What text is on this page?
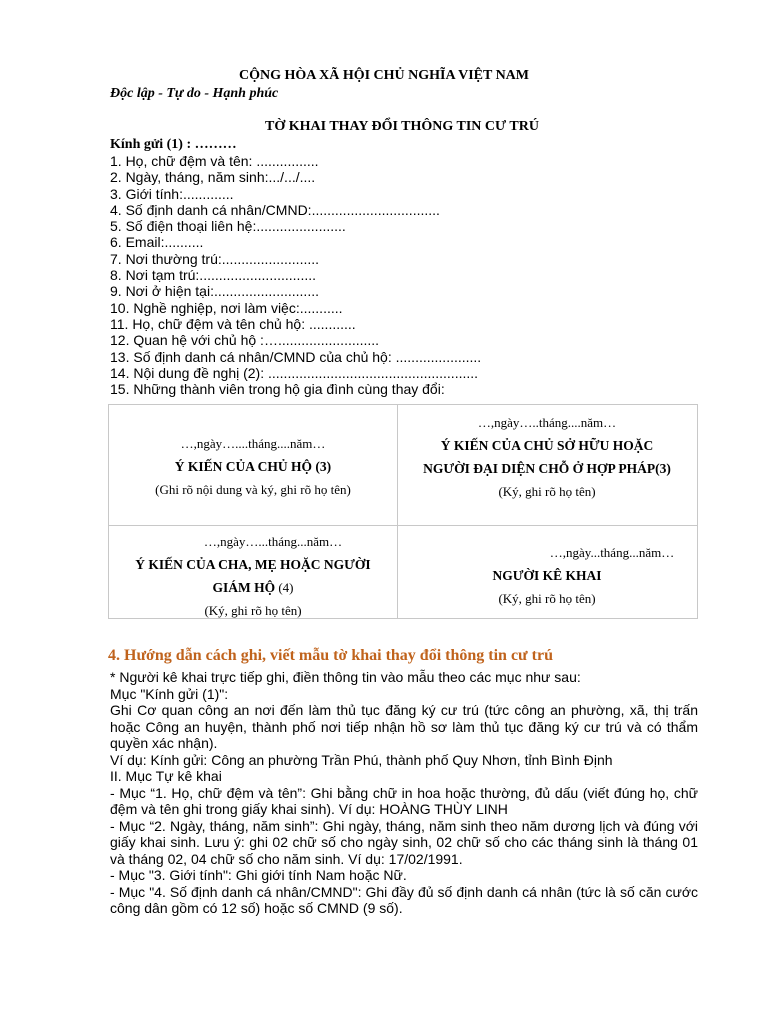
CỘNG HÒA XÃ HỘI CHỦ NGHĨA VIỆT NAM
Độc lập - Tự do - Hạnh phúc
TỜ KHAI THAY ĐỔI THÔNG TIN CƯ TRÚ
Kính gửi (1) : ………
1. Họ, chữ đệm và tên: ................
2. Ngày, tháng, năm sinh:.../.../....
3. Giới tính:.............
4. Số định danh cá nhân/CMND:.................................
5. Số điện thoại liên hệ:.......................
6. Email:..........
7. Nơi thường trú:.........................
8. Nơi tạm trú:..............................
9. Nơi ở hiện tại:...........................
10. Nghề nghiệp, nơi làm việc:...........
11. Họ, chữ đệm và tên chủ hộ: ............
12. Quan hệ với chủ hộ :…..........................
13. Số định danh cá nhân/CMND của chủ hộ: ......................
14. Nội dung đề nghị (2): ......................................................
15. Những thành viên trong hộ gia đình cùng thay đổi:
…,ngày…....tháng....năm…
Ý KIẾN CỦA CHỦ HỘ (3)
(Ghi rõ nội dung và ký, ghi rõ họ tên)
…,ngày…..tháng....năm…
Ý KIẾN CỦA CHỦ SỞ HỮU HOẶC
NGƯỜI ĐẠI DIỆN CHỖ Ở HỢP PHÁP(3)
(Ký, ghi rõ họ tên)
…,ngày…...tháng...năm…
Ý KIẾN CỦA CHA, MẸ HOẶC NGƯỜI
GIÁM HỘ (4)
(Ký, ghi rõ họ tên)
…,ngày...tháng...năm…
NGƯỜI KÊ KHAI
(Ký, ghi rõ họ tên)
4. Hướng dẫn cách ghi, viết mẫu tờ khai thay đổi thông tin cư trú

* Người kê khai trực tiếp ghi, điền thông tin vào mẫu theo các mục như sau:

Mục "Kính gửi (1)":

Ghi Cơ quan công an nơi đến làm thủ tục đăng ký cư trú (tức công an phường, xã, thị trấn hoặc Công an huyện, thành phố nơi tiếp nhận hồ sơ làm thủ tục đăng ký cư trú và có thẩm quyền xác nhận).

Ví dụ: Kính gửi: Công an phường Trần Phú, thành phố Quy Nhơn, tỉnh Bình Định

II. Mục Tự kê khai

- Mục “1. Họ, chữ đệm và tên”: Ghi bằng chữ in hoa hoặc thường, đủ dấu (viết đúng họ, chữ đệm và tên ghi trong giấy khai sinh). Ví dụ: HOÀNG THÙY LINH

- Mục “2. Ngày, tháng, năm sinh”: Ghi ngày, tháng, năm sinh theo năm dương lịch và đúng với giấy khai sinh. Lưu ý: ghi 02 chữ số cho ngày sinh, 02 chữ số cho các tháng sinh là tháng 01 và tháng 02, 04 chữ số cho năm sinh. Ví dụ: 17/02/1991.

- Mục "3. Giới tính": Ghi giới tính Nam hoặc Nữ.

- Mục "4. Số định danh cá nhân/CMND": Ghi đầy đủ số định danh cá nhân (tức là số căn cước công dân gồm có 12 số) hoặc số CMND (9 số).
